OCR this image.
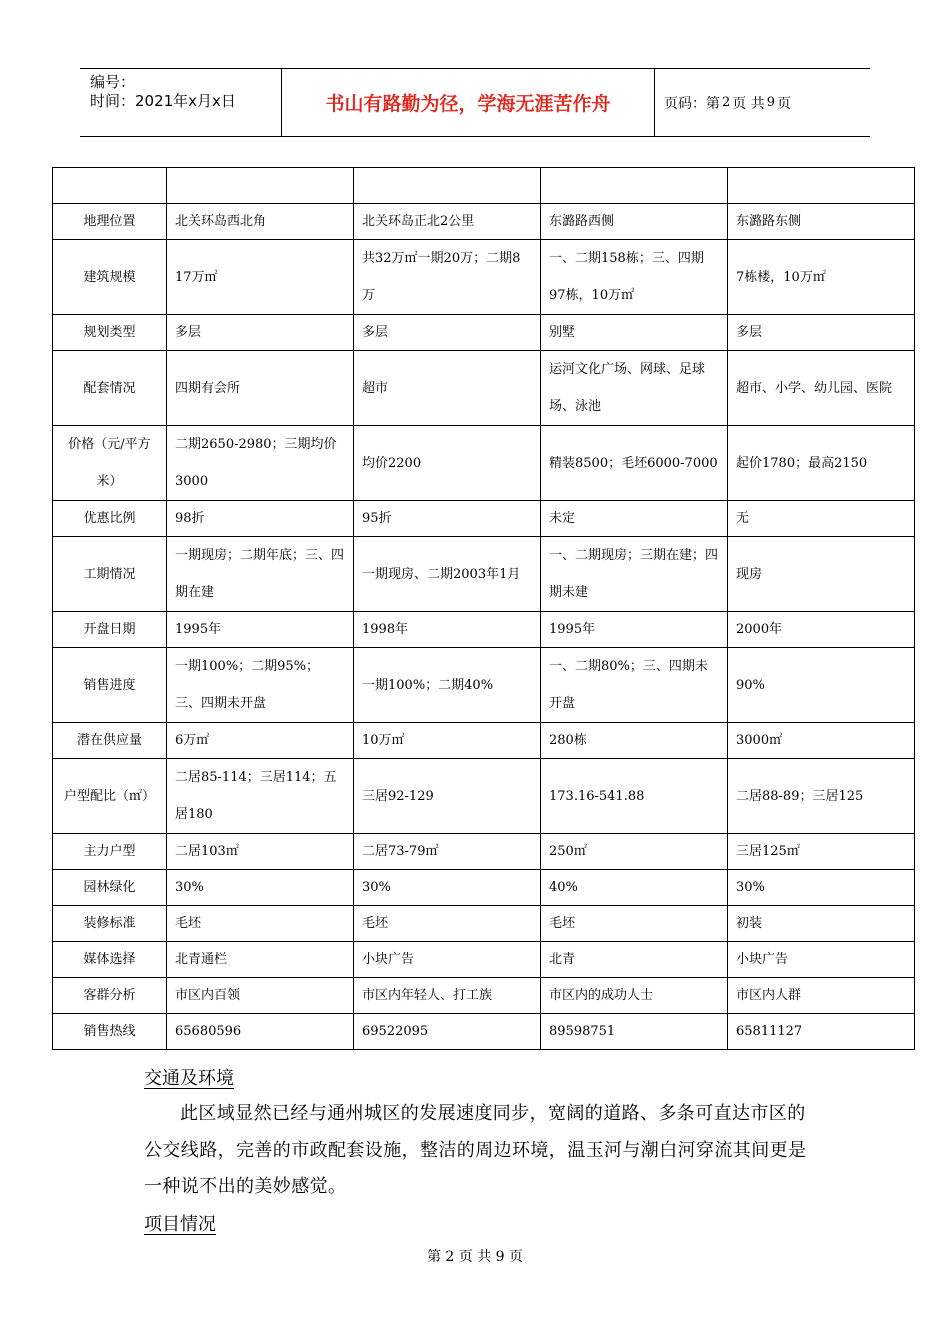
编号：
时间：2021年x月x日	书山有路勤为径，学海无涯苦作舟	页码：第 2 页 共 9 页

地理位置	北关环岛西北角	北关环岛正北2公里	东潞路西侧	东潞路东侧
建筑规模	17万㎡	共32万㎡一期20万；二期8万	一、二期158栋；三、四期97栋，10万㎡	7栋楼，10万㎡
规划类型	多层	多层	别墅	多层
配套情况	四期有会所	超市	运河文化广场、网球、足球场、泳池	超市、小学、幼儿园、医院
价格（元/平方米）	二期2650-2980；三期均价3000	均价2200	精装8500；毛坯6000-7000	起价1780；最高2150
优惠比例	98折	95折	未定	无
工期情况	一期现房；二期年底；三、四期在建	一期现房、二期2003年1月	一、二期现房；三期在建；四期未建	现房
开盘日期	1995年	1998年	1995年	2000年
销售进度	一期100%；二期95%；三、四期未开盘	一期100%；二期40%	一、二期80%；三、四期未开盘	90%
潜在供应量	6万㎡	10万㎡	280栋	3000㎡
户型配比（㎡）	二居85-114；三居114；五居180	三居92-129	173.16-541.88	二居88-89；三居125
主力户型	二居103㎡	二居73-79㎡	250㎡	三居125㎡
园林绿化	30%	30%	40%	30%
装修标准	毛坯	毛坯	毛坯	初装
媒体选择	北青通栏	小块广告	北青	小块广告
客群分析	市区内百领	市区内年轻人、打工族	市区内的成功人士	市区内人群
销售热线	65680596	69522095	89598751	65811127
交通及环境
此区域显然已经与通州城区的发展速度同步，宽阔的道路、多条可直达市区的公交线路，完善的市政配套设施，整洁的周边环境，温玉河与潮白河穿流其间更是一种说不出的美妙感觉。
项目情况
第 2 页 共 9 页
